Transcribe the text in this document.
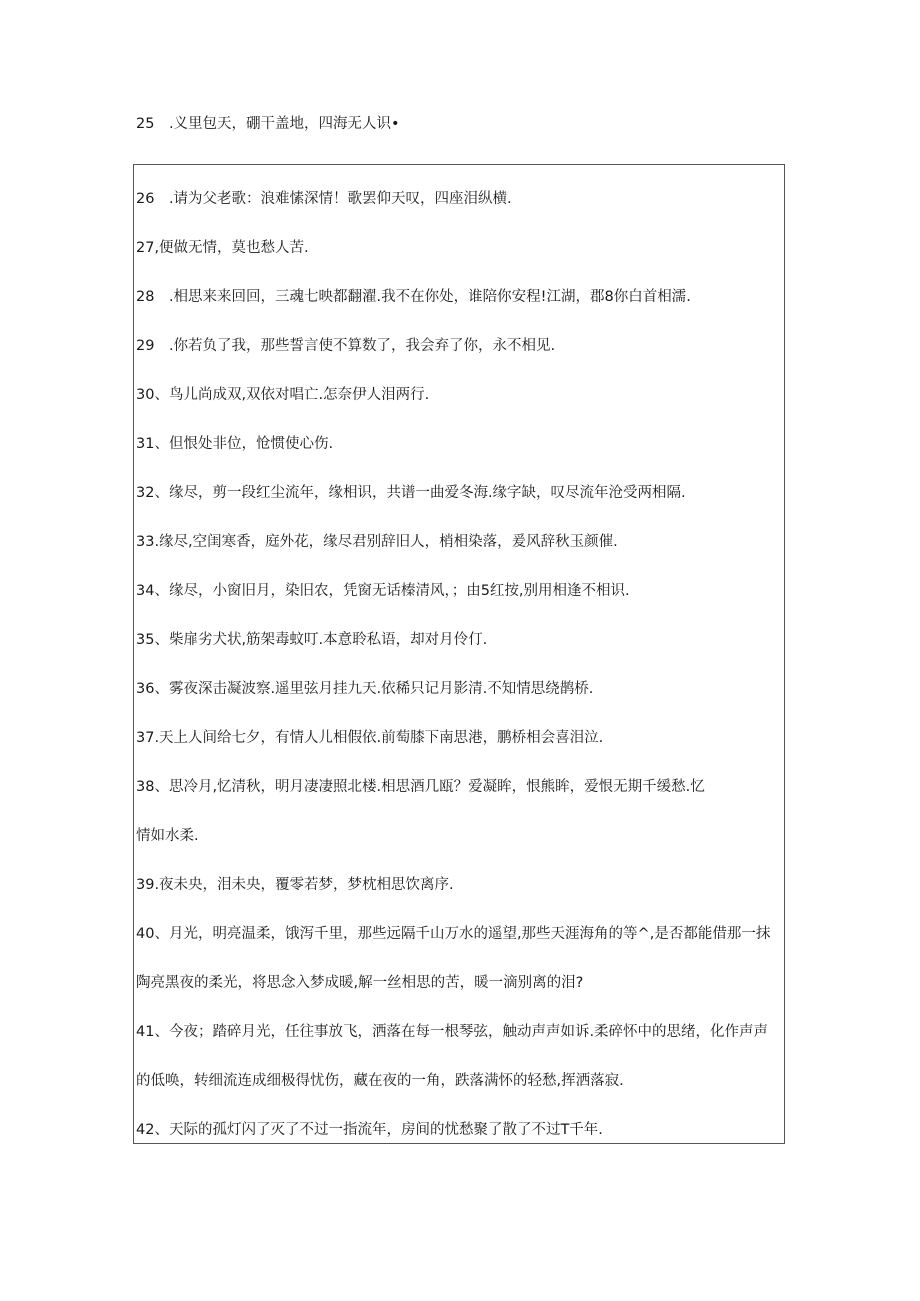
25　.义里包天，硼干盖地，四海无人识•
26　.请为父老歌：浪难愫深情！歌罢仰天叹，四座泪纵横.
27,便做无情，莫也愁人苦.
28　.相思来来回回，三魂七映都翻濯.我不在你处，谁陪你安程!江湖，郡8你白首相濡.
29　.你若负了我，那些誓言使不算数了，我会弃了你，永不相见.
30、鸟儿尚成双,双依对唱亡.怎奈伊人泪两行.
31、但恨处非位，怆惯使心伤.
32、缘尽，剪一段红尘流年，缘相识，共谱一曲爱冬海.缘字缺，叹尽流年沧受两相隔.
33.缘尽,空闺寒香，庭外花，缘尽君别辞旧人，梢相染落，爰风辞秋玉颜催.
34、缘尽，小窗旧月，染旧农，凭窗无话榛清风，；由5红按,别用相逢不相识.
35、柴扉劣犬状,筋架毒蚊叮.本意聆私语，却对月伶仃.
36、雾夜深击凝波察.遥里弦月挂九天.依稀只记月影清.不知情思绕鹊桥.
37.天上人间给七夕，有情人儿相假依.前萄膝下南思港，鹏桥相会喜泪泣.
38、思冷月,忆清秋，明月凄凄照北楼.相思酒几瓯？爱凝眸，恨熊眸，爱恨无期千缓愁.忆
情如水柔.
39.夜未央，泪未央，覆零若梦，梦枕相思饮离序.
40、月光，明亮温柔，饿泻千里，那些远隔千山万水的遥望,那些天涯海角的等^,是否都能借那一抹
陶亮黑夜的柔光，将思念入梦成暖,解一丝相思的苦，暖一滴别离的泪?
41、今夜；踏碎月光，任往事放飞，洒落在每一根琴弦，触动声声如诉.柔碎怀中的思绪，化作声声
的低唤，转细流连成细极得忧伤，藏在夜的一角，跌落满怀的轻愁,挥洒落寂.
42、天际的孤灯闪了灭了不过一指流年，房间的忧愁聚了散了不过T千年.
